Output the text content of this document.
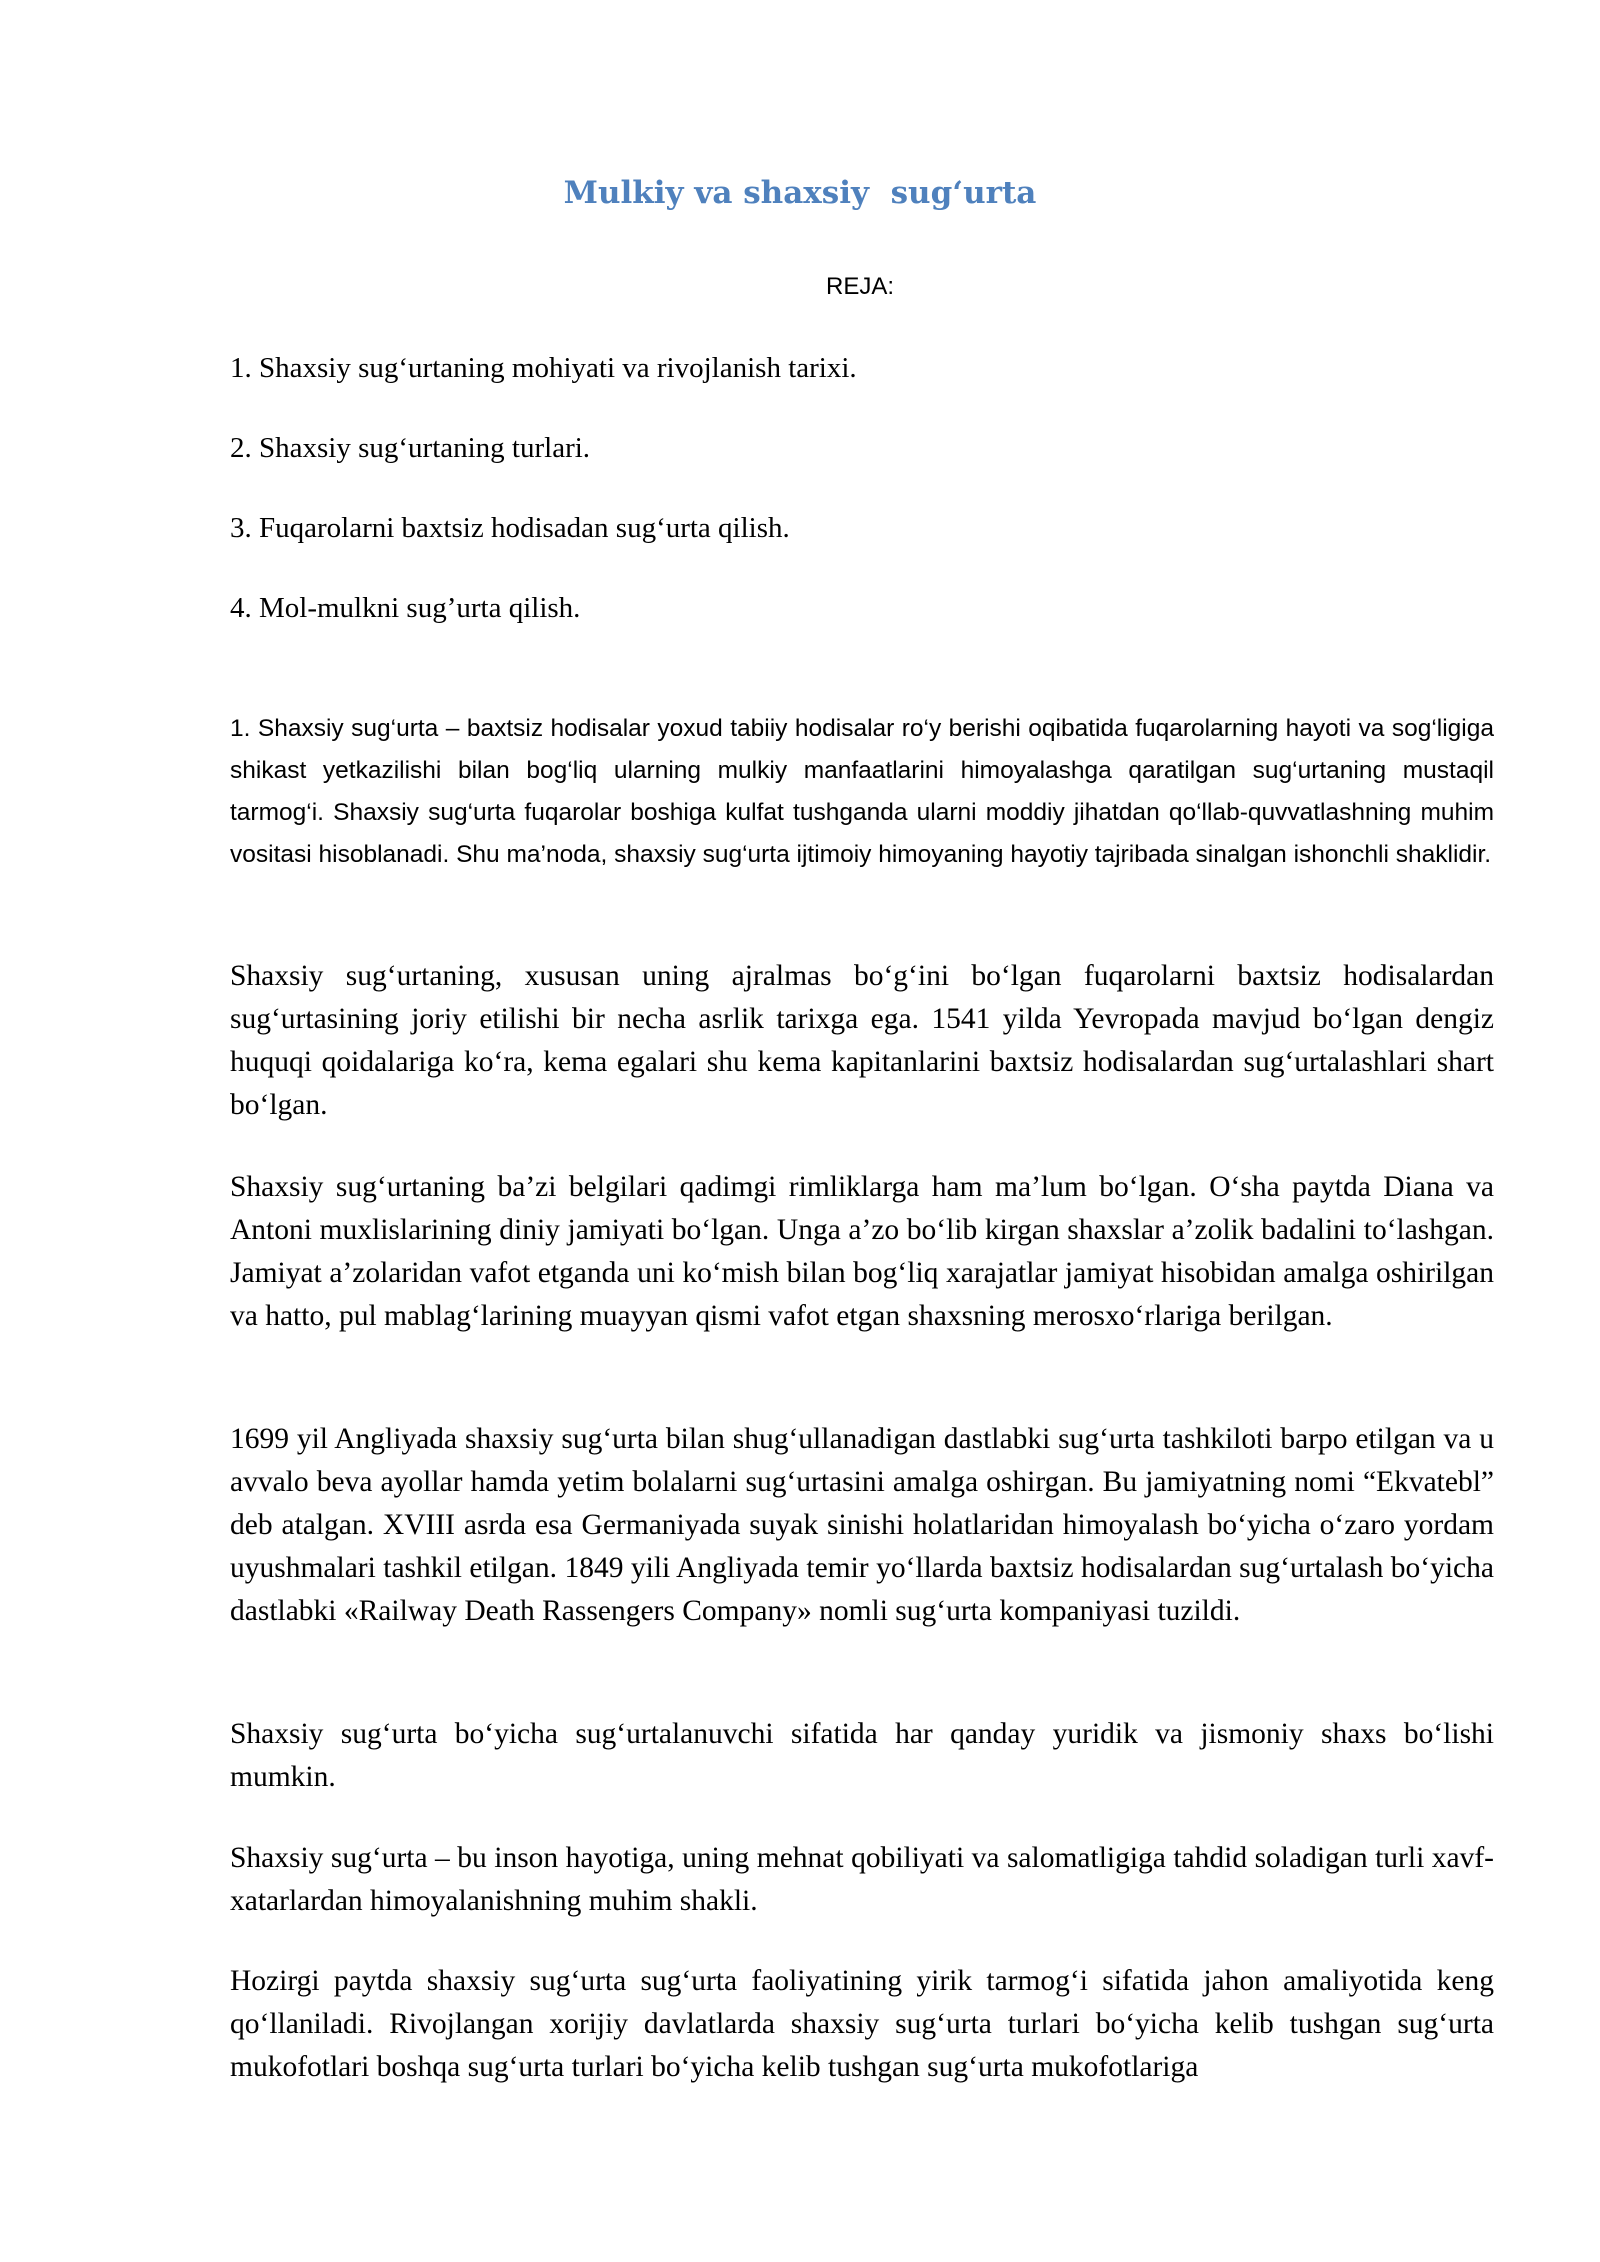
Mulkiy va shaxsiy  sug‘urta
REJA:
1. Shaxsiy sug‘urtaning mohiyati va rivojlanish tarixi.
2. Shaxsiy sug‘urtaning turlari.
3. Fuqarolarni baxtsiz hodisadan sug‘urta qilish.
4. Mol-mulkni sug’urta qilish.
1. Shaxsiy sug‘urta – baxtsiz hodisalar yoxud tabiiy hodisalar ro‘y berishi oqibatida fuqarolarning hayoti va sog‘ligiga shikast yetkazilishi bilan bog‘liq ularning mulkiy manfaatlarini himoyalashga qaratilgan sug‘urtaning mustaqil tarmog‘i. Shaxsiy sug‘urta fuqarolar boshiga kulfat tushganda ularni moddiy jihatdan qo‘llab-quvvatlashning muhim vositasi hisoblanadi. Shu ma’noda, shaxsiy sug‘urta ijtimoiy himoyaning hayotiy tajribada sinalgan ishonchli shaklidir.
Shaxsiy sug‘urtaning, xususan uning ajralmas bo‘g‘ini bo‘lgan fuqarolarni baxtsiz hodisalardan sug‘urtasining joriy etilishi bir necha asrlik tarixga ega. 1541 yilda Yevropada mavjud bo‘lgan dengiz huquqi qoidalariga ko‘ra, kema egalari shu kema kapitanlarini baxtsiz hodisalardan sug‘urtalashlari shart bo‘lgan.
Shaxsiy sug‘urtaning ba’zi belgilari qadimgi rimliklarga ham ma’lum bo‘lgan. O‘sha paytda Diana va Antoni muxlislarining diniy jamiyati bo‘lgan. Unga a’zo bo‘lib kirgan shaxslar a’zolik badalini to‘lashgan. Jamiyat a’zolaridan vafot etganda uni ko‘mish bilan bog‘liq xarajatlar jamiyat hisobidan amalga oshirilgan va hatto, pul mablag‘larining muayyan qismi vafot etgan shaxsning merosxo‘rlariga berilgan.
1699 yil Angliyada shaxsiy sug‘urta bilan shug‘ullanadigan dastlabki sug‘urta tashkiloti barpo etilgan va u avvalo beva ayollar hamda yetim bolalarni sug‘urtasini amalga oshirgan. Bu jamiyatning nomi “Ekvatebl” deb atalgan. XVIII asrda esa Germaniyada suyak sinishi holatlaridan himoyalash bo‘yicha o‘zaro yordam uyushmalari tashkil etilgan. 1849 yili Angliyada temir yo‘llarda baxtsiz hodisalardan sug‘urtalash bo‘yicha dastlabki «Railway Death Rassengers Company» nomli sug‘urta kompaniyasi tuzildi.
Shaxsiy sug‘urta bo‘yicha sug‘urtalanuvchi sifatida har qanday yuridik va jismoniy shaxs bo‘lishi mumkin.
Shaxsiy sug‘urta – bu inson hayotiga, uning mehnat qobiliyati va salomatligiga tahdid soladigan turli xavf-xatarlardan himoyalanishning muhim shakli.
Hozirgi paytda shaxsiy sug‘urta sug‘urta faoliyatining yirik tarmog‘i sifatida jahon amaliyotida keng qo‘llaniladi. Rivojlangan xorijiy davlatlarda shaxsiy sug‘urta turlari bo‘yicha kelib tushgan sug‘urta mukofotlari boshqa sug‘urta turlari bo‘yicha kelib tushgan sug‘urta mukofotlariga
